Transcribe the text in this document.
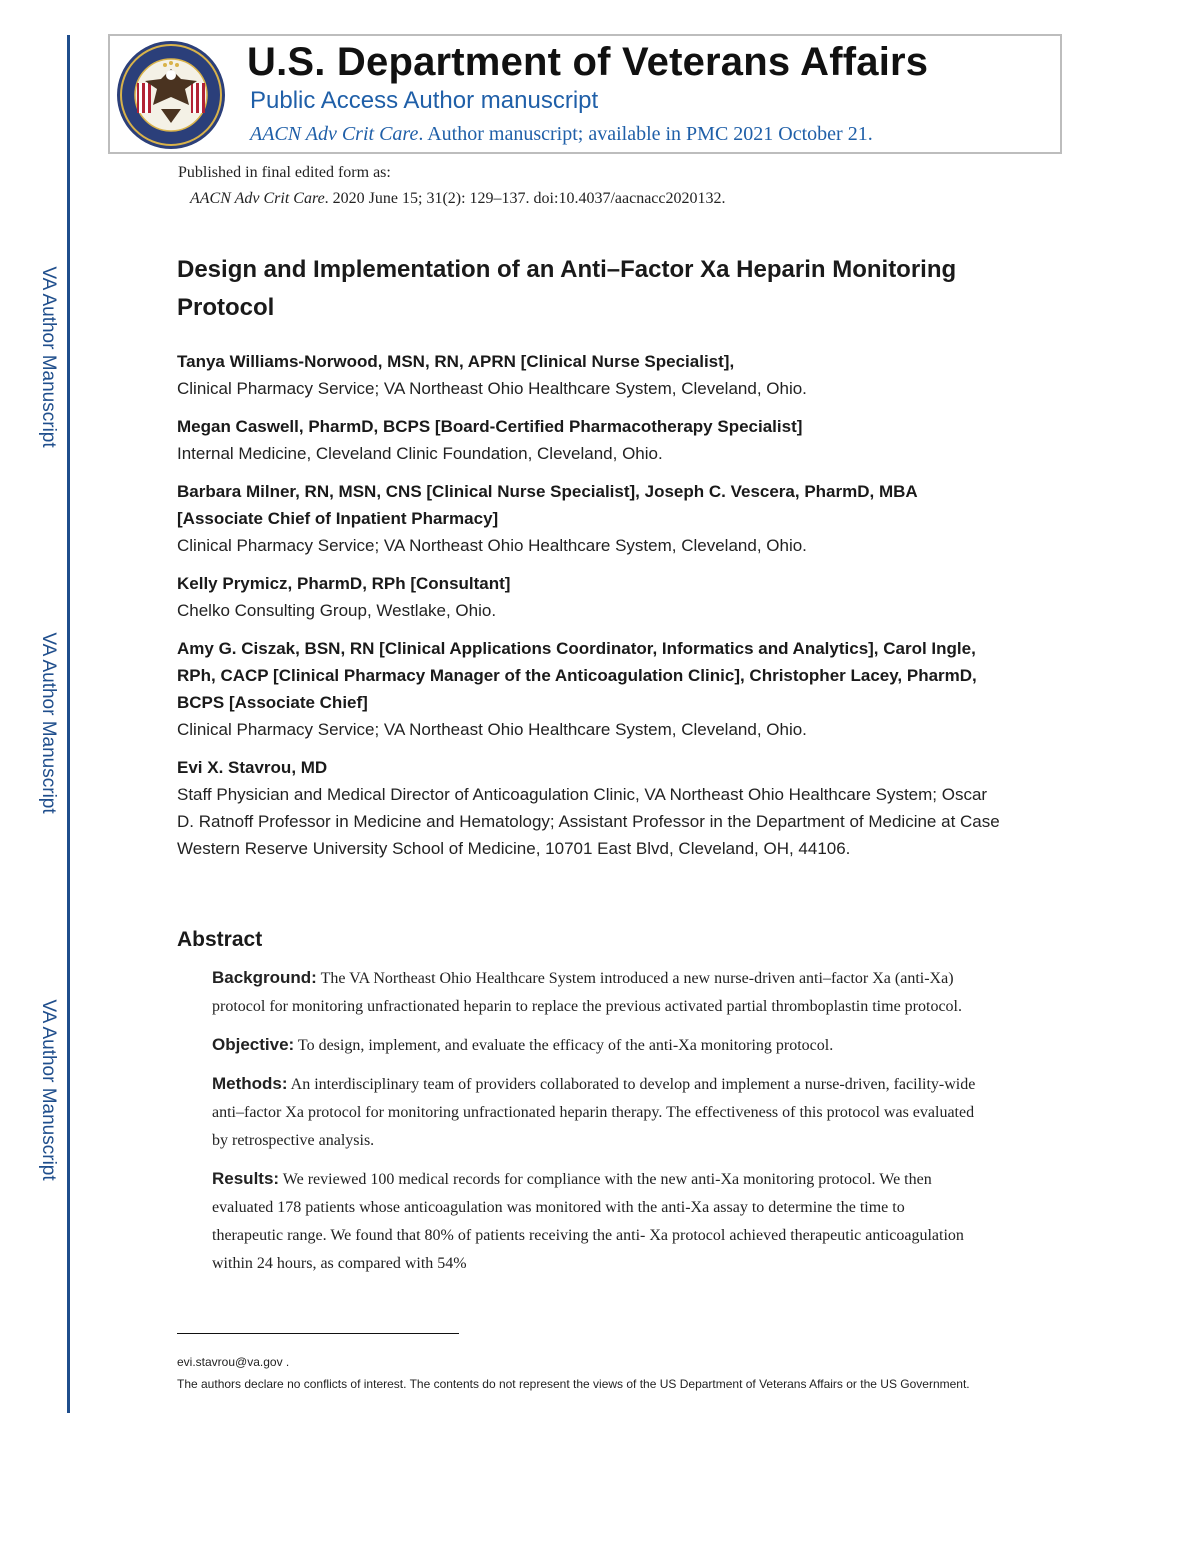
VA Author Manuscript
VA Author Manuscript
VA Author Manuscript
U.S. Department of Veterans Affairs
Public Access Author manuscript
AACN Adv Crit Care. Author manuscript; available in PMC 2021 October 21.
Published in final edited form as:
AACN Adv Crit Care. 2020 June 15; 31(2): 129–137. doi:10.4037/aacnacc2020132.
Design and Implementation of an Anti–Factor Xa Heparin Monitoring Protocol
Tanya Williams-Norwood, MSN, RN, APRN [Clinical Nurse Specialist],
Clinical Pharmacy Service; VA Northeast Ohio Healthcare System, Cleveland, Ohio.
Megan Caswell, PharmD, BCPS [Board-Certified Pharmacotherapy Specialist]
Internal Medicine, Cleveland Clinic Foundation, Cleveland, Ohio.
Barbara Milner, RN, MSN, CNS [Clinical Nurse Specialist], Joseph C. Vescera, PharmD, MBA [Associate Chief of Inpatient Pharmacy]
Clinical Pharmacy Service; VA Northeast Ohio Healthcare System, Cleveland, Ohio.
Kelly Prymicz, PharmD, RPh [Consultant]
Chelko Consulting Group, Westlake, Ohio.
Amy G. Ciszak, BSN, RN [Clinical Applications Coordinator, Informatics and Analytics], Carol Ingle, RPh, CACP [Clinical Pharmacy Manager of the Anticoagulation Clinic], Christopher Lacey, PharmD, BCPS [Associate Chief]
Clinical Pharmacy Service; VA Northeast Ohio Healthcare System, Cleveland, Ohio.
Evi X. Stavrou, MD
Staff Physician and Medical Director of Anticoagulation Clinic, VA Northeast Ohio Healthcare System; Oscar D. Ratnoff Professor in Medicine and Hematology; Assistant Professor in the Department of Medicine at Case Western Reserve University School of Medicine, 10701 East Blvd, Cleveland, OH, 44106.
Abstract
Background: The VA Northeast Ohio Healthcare System introduced a new nurse-driven anti–factor Xa (anti-Xa) protocol for monitoring unfractionated heparin to replace the previous activated partial thromboplastin time protocol.
Objective: To design, implement, and evaluate the efficacy of the anti-Xa monitoring protocol.
Methods: An interdisciplinary team of providers collaborated to develop and implement a nurse-driven, facility-wide anti–factor Xa protocol for monitoring unfractionated heparin therapy. The effectiveness of this protocol was evaluated by retrospective analysis.
Results: We reviewed 100 medical records for compliance with the new anti-Xa monitoring protocol. We then evaluated 178 patients whose anticoagulation was monitored with the anti-Xa assay to determine the time to therapeutic range. We found that 80% of patients receiving the anti- Xa protocol achieved therapeutic anticoagulation within 24 hours, as compared with 54%
evi.stavrou@va.gov .
The authors declare no conflicts of interest. The contents do not represent the views of the US Department of Veterans Affairs or the US Government.
